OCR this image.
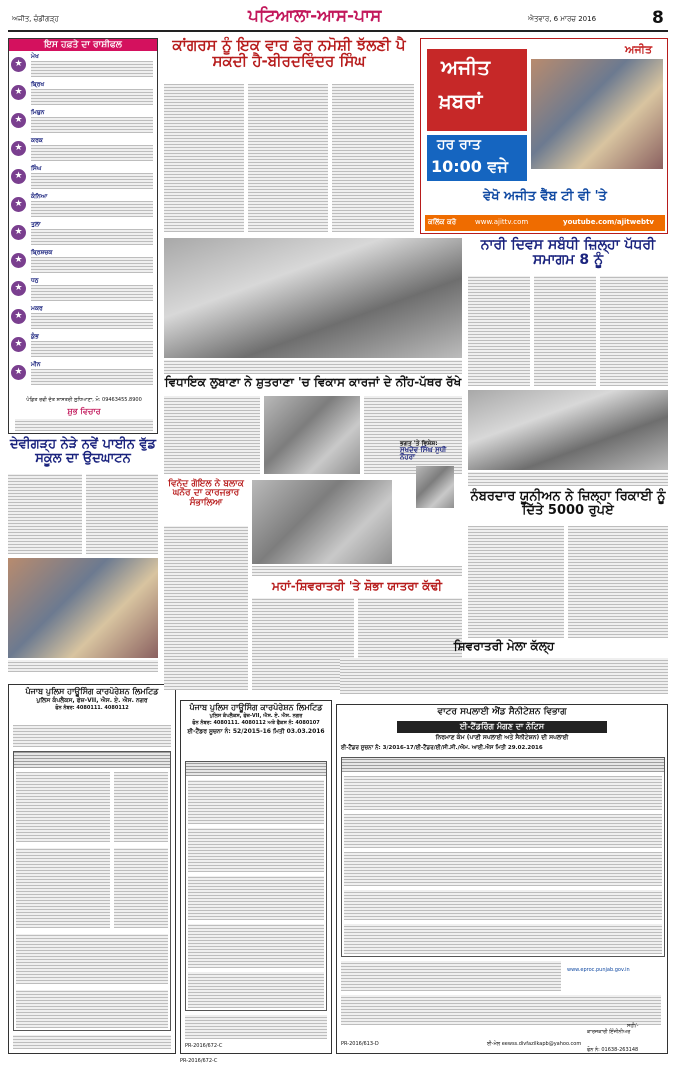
ਅਜੀਤ, ਚੰਡੀਗੜ੍ਹ	ਪਟਿਆਲਾ-ਆਸ-ਪਾਸ	ਐਤਵਾਰ, 6 ਮਾਰਚ 2016	8
ਇਸ ਹਫ਼ਤੇ ਦਾ ਰਾਸ਼ੀਫਲ
★
ਮੇਖ
★
ਬ੍ਰਿਖ
★
ਮਿਥੁਨ
★
ਕਰਕ
★
ਸਿੰਘ
★
ਕੰਨਿਆ
★
ਤੁਲਾ
★
ਬ੍ਰਿਸ਼ਚਕ
★
ਧਨੁ
★
ਮਕਰ
★
ਕੁੰਭ
★
ਮੀਨ
ਪੰਡਿਤ ਰਵੀ ਦੱਤ ਸ਼ਾਸਤਰੀ ਲੁਧਿਆਣਾ, ਮੋ: 09463455.8900
ਸ਼ੁਭ ਵਿਚਾਰ
ਦੇਵੀਗੜ੍ਹ ਨੇੜੇ ਨਵੇਂ ਪਾਈਨ ਵੁੱਡ ਸਕੂਲ ਦਾ ਉਦਘਾਟਨ
ਪੰਜਾਬ ਪੁਲਿਸ ਹਾਊਸਿੰਗ ਕਾਰਪੋਰੇਸ਼ਨ ਲਿਮਟਿਡ
ਪੁਲਿਸ ਕੰਪਲੈਕਸ, ਫੇਜ਼-VII, ਐਸ. ਏ. ਐਸ. ਨਗਰ
ਫੋਨ ਨੰਬਰ: 4080111. 4080112
ਅਜੀਤ
ਅਜੀਤ
ਖ਼ਬਰਾਂ
ਹਰ ਰਾਤ
10:00 ਵਜੇ
ਵੇਖੋ ਅਜੀਤ ਵੈੱਬ ਟੀ ਵੀ 'ਤੇ
ਕਲਿੱਕ ਕਰੋ	www.ajittv.com	youtube.com/ajitwebtv
ਕਾਂਗਰਸ ਨੂੰ ਇਕ ਵਾਰ ਫੇਰ ਨਮੋਸ਼ੀ ਝੱਲਣੀ ਪੈ ਸਕਦੀ ਹੈ-ਬੀਰਦਵਿੰਦਰ ਸਿੰਘ
ਨਾਰੀ ਦਿਵਸ ਸਬੰਧੀ ਜ਼ਿਲ੍ਹਾ ਪੱਧਰੀ ਸਮਾਗਮ 8 ਨੂੰ
ਵਿਧਾਇਕ ਲੁਬਾਣਾ ਨੇ ਸ਼ੁਤਰਾਣਾ 'ਚ ਵਿਕਾਸ ਕਾਰਜਾਂ ਦੇ ਨੀਂਹ-ਪੱਥਰ ਰੱਖੇ
ਭਗਤ 'ਤੇ ਵਿਸ਼ੇਸ਼:
ਸੁਖਦੇਵ ਸਿੰਘ ਸੁਧੀ ਨੌਹਰਾ
ਨੰਬਰਦਾਰ ਯੂਨੀਅਨ ਨੇ ਜ਼ਿਲ੍ਹਾ ਰਿਕਾਈ ਨੂੰ ਦਿੱਤੇ 5000 ਰੁਪਏ
ਵਿਨੋਦ ਗੋਇਲ ਨੇ ਬਲਾਕ ਘਨੌਰ ਦਾ ਕਾਰਜਭਾਰ ਸੰਭਾਲਿਆ
ਮਹਾਂ-ਸ਼ਿਵਰਾਤਰੀ 'ਤੇ ਸ਼ੋਭਾ ਯਾਤਰਾ ਕੱਢੀ
ਸ਼ਿਵਰਾਤਰੀ ਮੇਲਾ ਕੱਲ੍ਹ
ਪੰਜਾਬ ਪੁਲਿਸ ਹਾਊਸਿੰਗ ਕਾਰਪੋਰੇਸ਼ਨ ਲਿਮਟਿਡ
ਪੁਲਿਸ ਕੰਪਲੈਕਸ, ਫੇਜ਼-VII, ਐਸ. ਏ. ਐਸ. ਨਗਰ
ਫੋਨ ਨੰਬਰ: 4080111. 4080112 ਅਤੇ ਫੈਕਸ ਨੰ: 4080107
ਈ-ਟੈਂਡਰ ਸੂਚਨਾ ਨੰ: 52/2015-16 ਮਿਤੀ 03.03.2016
PR-2016/672-C
ਵਾਟਰ ਸਪਲਾਈ ਐਂਡ ਸੈਨੀਟੇਸ਼ਨ ਵਿਭਾਗ
ਈ-ਟੈਂਡਰਿੰਗ ਮੰਗਣ ਦਾ ਨੋਟਿਸ
ਨਿਰਮਾਣ ਕੰਮ (ਪਾਣੀ ਸਪਲਾਈ ਅਤੇ ਸੈਨੀਟੇਸ਼ਨ) ਦੀ ਸਪਲਾਈ
ਈ-ਟੈਂਡਰ ਸੂਚਨਾ ਨੰ: 3/2016-17/ਈ-ਟੈਂਡਰ/ਈ/ਸੀ.ਸੀ./ਐਮ. ਆਈ.ਐਸ ਮਿਤੀ 29.02.2016
www.eproc.punjab.gov.in
PR-2016/613-D
ਸਹੀ/-
ਕਾਰਜਕਾਰੀ ਇੰਜੀਨੀਅਰ
ਈ-ਮੇਲ eewss.divfazilkapb@yahoo.com
ਫੋਨ ਨੰ: 01638-263148
PR-2016/672-C
